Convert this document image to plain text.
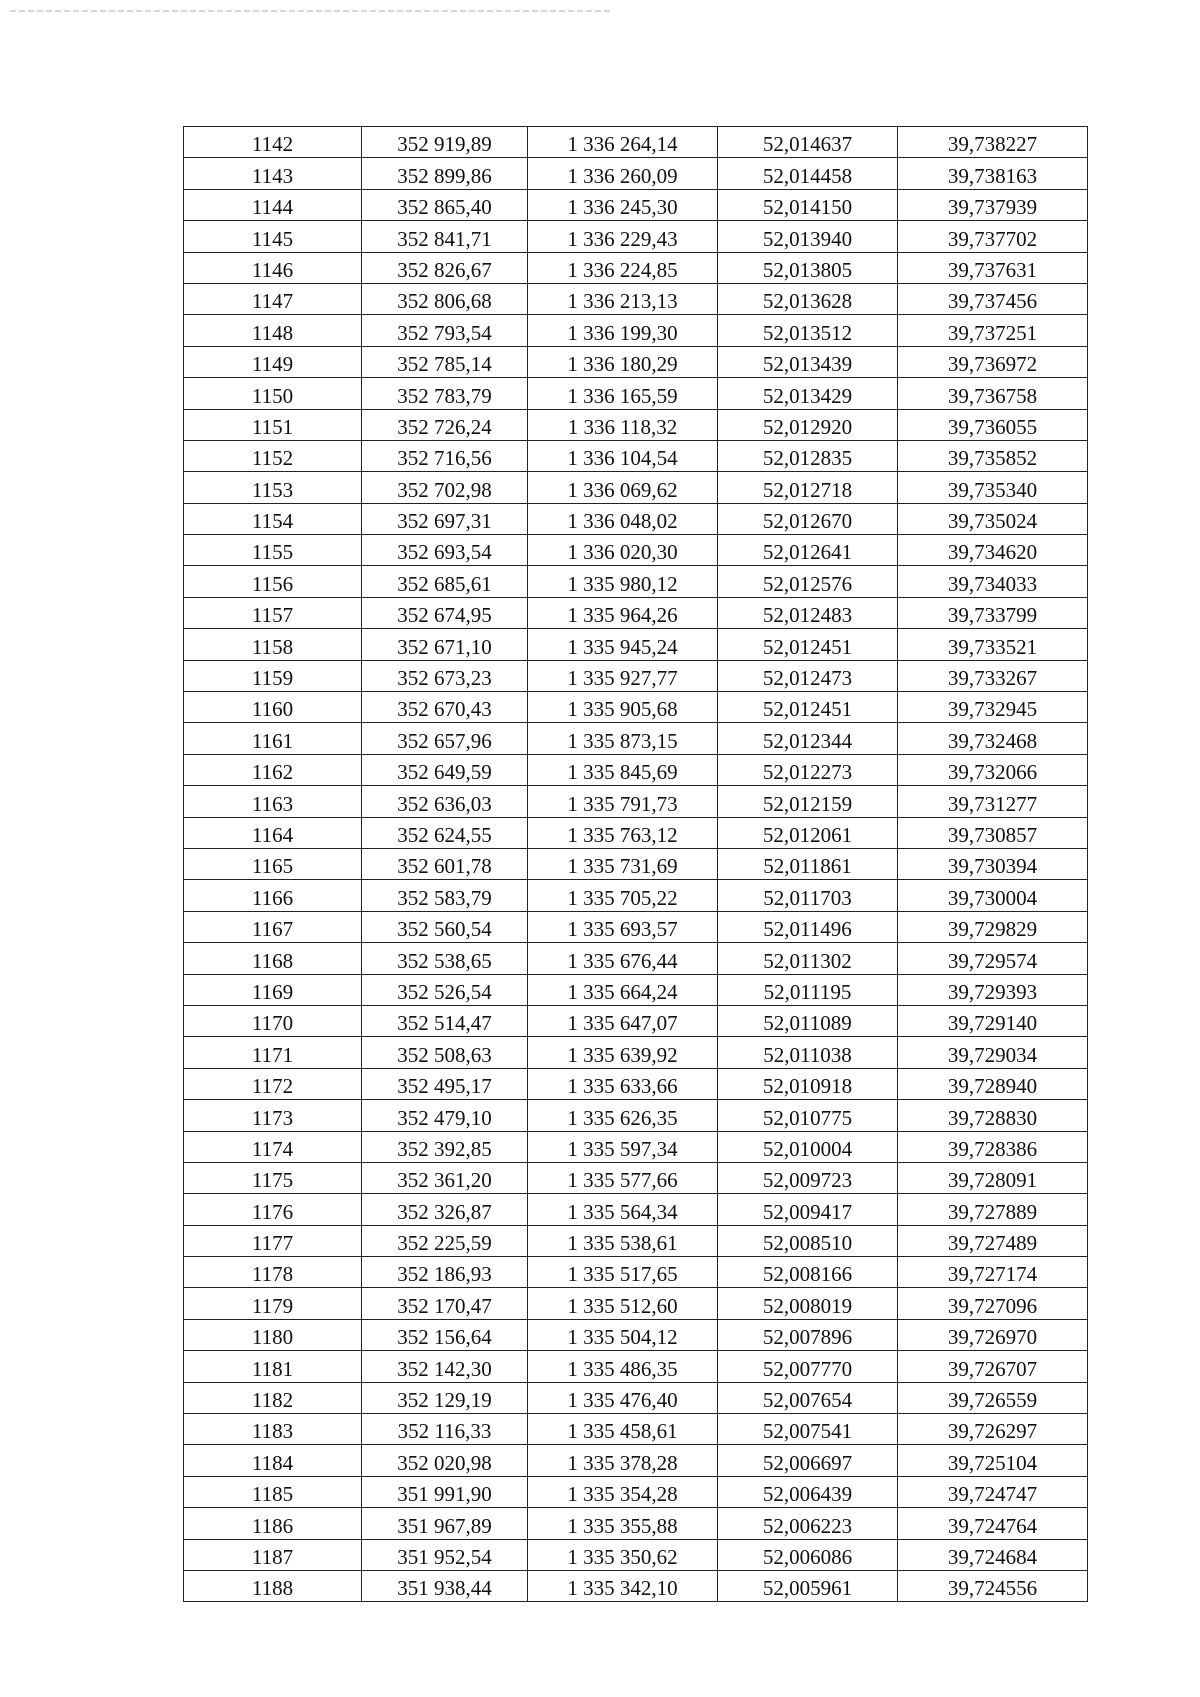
1142	352 919,89	1 336 264,14	52,014637	39,738227
1143	352 899,86	1 336 260,09	52,014458	39,738163
1144	352 865,40	1 336 245,30	52,014150	39,737939
1145	352 841,71	1 336 229,43	52,013940	39,737702
1146	352 826,67	1 336 224,85	52,013805	39,737631
1147	352 806,68	1 336 213,13	52,013628	39,737456
1148	352 793,54	1 336 199,30	52,013512	39,737251
1149	352 785,14	1 336 180,29	52,013439	39,736972
1150	352 783,79	1 336 165,59	52,013429	39,736758
1151	352 726,24	1 336 118,32	52,012920	39,736055
1152	352 716,56	1 336 104,54	52,012835	39,735852
1153	352 702,98	1 336 069,62	52,012718	39,735340
1154	352 697,31	1 336 048,02	52,012670	39,735024
1155	352 693,54	1 336 020,30	52,012641	39,734620
1156	352 685,61	1 335 980,12	52,012576	39,734033
1157	352 674,95	1 335 964,26	52,012483	39,733799
1158	352 671,10	1 335 945,24	52,012451	39,733521
1159	352 673,23	1 335 927,77	52,012473	39,733267
1160	352 670,43	1 335 905,68	52,012451	39,732945
1161	352 657,96	1 335 873,15	52,012344	39,732468
1162	352 649,59	1 335 845,69	52,012273	39,732066
1163	352 636,03	1 335 791,73	52,012159	39,731277
1164	352 624,55	1 335 763,12	52,012061	39,730857
1165	352 601,78	1 335 731,69	52,011861	39,730394
1166	352 583,79	1 335 705,22	52,011703	39,730004
1167	352 560,54	1 335 693,57	52,011496	39,729829
1168	352 538,65	1 335 676,44	52,011302	39,729574
1169	352 526,54	1 335 664,24	52,011195	39,729393
1170	352 514,47	1 335 647,07	52,011089	39,729140
1171	352 508,63	1 335 639,92	52,011038	39,729034
1172	352 495,17	1 335 633,66	52,010918	39,728940
1173	352 479,10	1 335 626,35	52,010775	39,728830
1174	352 392,85	1 335 597,34	52,010004	39,728386
1175	352 361,20	1 335 577,66	52,009723	39,728091
1176	352 326,87	1 335 564,34	52,009417	39,727889
1177	352 225,59	1 335 538,61	52,008510	39,727489
1178	352 186,93	1 335 517,65	52,008166	39,727174
1179	352 170,47	1 335 512,60	52,008019	39,727096
1180	352 156,64	1 335 504,12	52,007896	39,726970
1181	352 142,30	1 335 486,35	52,007770	39,726707
1182	352 129,19	1 335 476,40	52,007654	39,726559
1183	352 116,33	1 335 458,61	52,007541	39,726297
1184	352 020,98	1 335 378,28	52,006697	39,725104
1185	351 991,90	1 335 354,28	52,006439	39,724747
1186	351 967,89	1 335 355,88	52,006223	39,724764
1187	351 952,54	1 335 350,62	52,006086	39,724684
1188	351 938,44	1 335 342,10	52,005961	39,724556
